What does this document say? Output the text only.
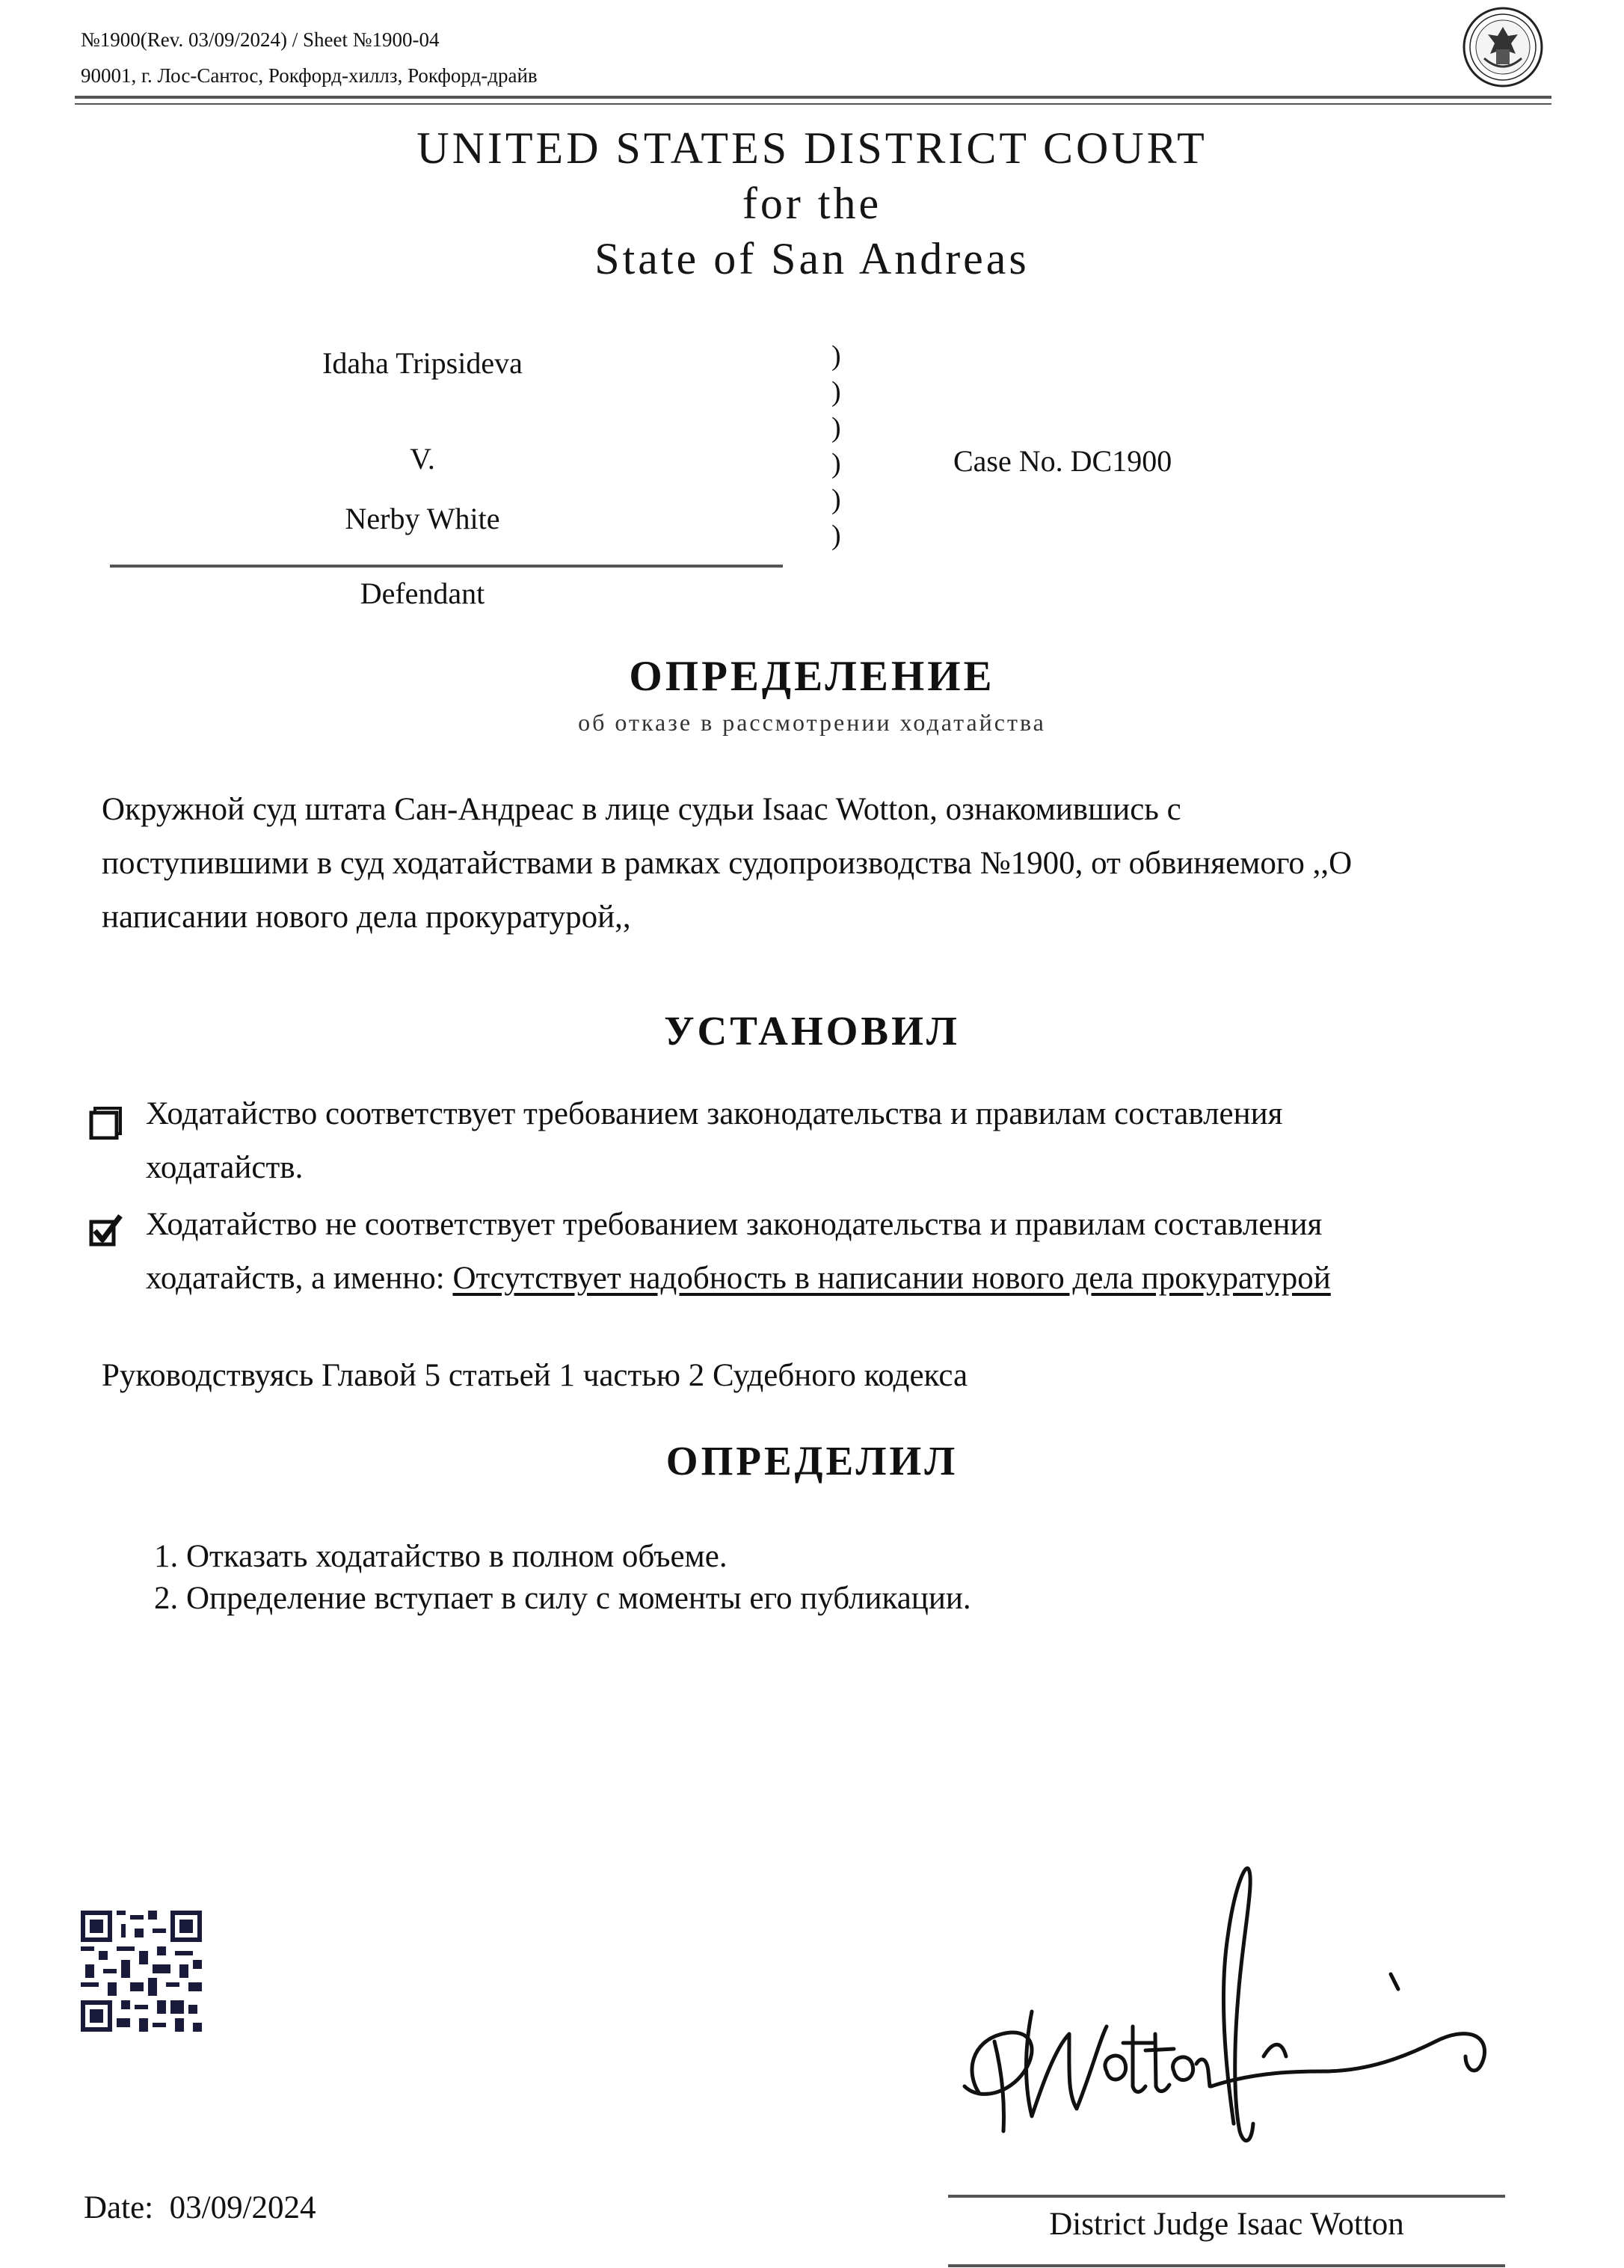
№1900(Rev. 03/09/2024) / Sheet №1900-04
90001, г. Лос-Сантос, Рокфорд-хиллз, Рокфорд-драйв
UNITED STATES DISTRICT COURT
for the
State of San Andreas
Idaha Tripsideva
V.
Nerby White
Defendant
)
)
)
)
)
)
Case No. DC1900
ОПРЕДЕЛЕНИЕ
об отказе в рассмотрении ходатайства
Окружной суд штата Сан-Андреас в лице судьи Isaac Wotton, ознакомившись с
поступившими в суд ходатайствами в рамках судопроизводства №1900, от обвиняемого ,,О
написании нового дела прокуратурой,,
УСТАНОВИЛ
Ходатайство соответствует требованием законодательства и правилам составления
ходатайств.
Ходатайство не соответствует требованием законодательства и правилам составления
ходатайств, а именно: Отсутствует надобность в написании нового дела прокуратурой
Руководствуясь Главой 5 статьей 1 частью 2 Судебного кодекса
ОПРЕДЕЛИЛ
1. Отказать ходатайство в полном объеме.
2. Определение вступает в силу с моменты его публикации.
District Judge Isaac Wotton
Date: 03/09/2024
